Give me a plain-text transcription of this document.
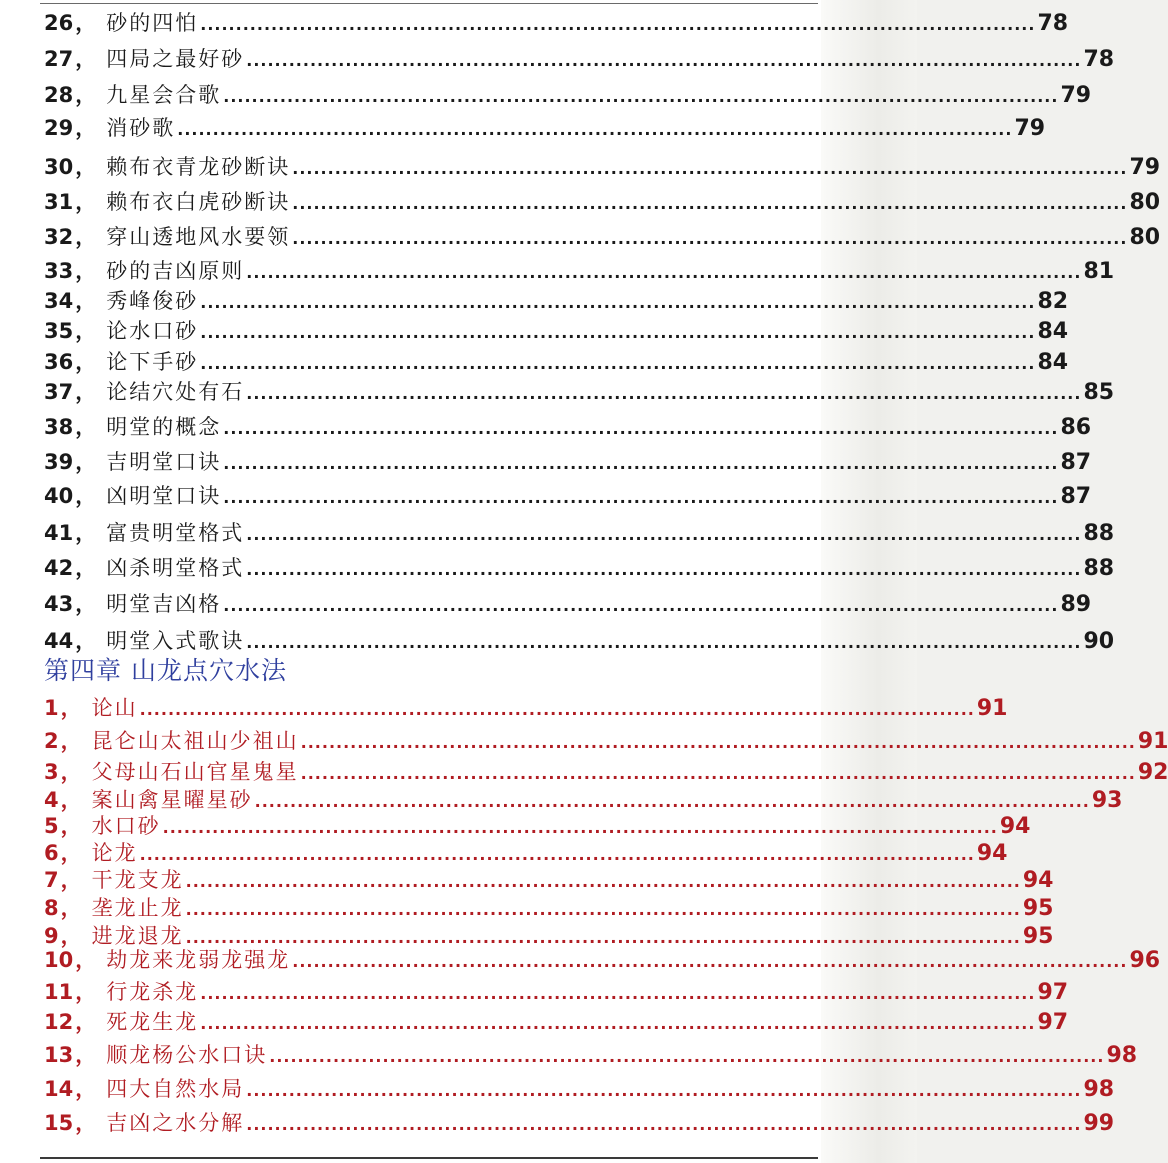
26 ， 砂的四怕 ...................................................................................................................... 78
27 ， 四局之最好砂 ...................................................................................................................... 78
28 ， 九星会合歌 ...................................................................................................................... 79
29 ， 消砂歌 ...................................................................................................................... 79
30 ， 赖布衣青龙砂断诀 ...................................................................................................................... 79
31 ， 赖布衣白虎砂断诀 ...................................................................................................................... 80
32 ， 穿山透地风水要领 ...................................................................................................................... 80
33 ， 砂的吉凶原则 ...................................................................................................................... 81
34 ， 秀峰俊砂 ...................................................................................................................... 82
35 ， 论水口砂 ...................................................................................................................... 84
36 ， 论下手砂 ...................................................................................................................... 84
37 ， 论结穴处有石 ...................................................................................................................... 85
38 ， 明堂的概念 ...................................................................................................................... 86
39 ， 吉明堂口诀 ...................................................................................................................... 87
40 ， 凶明堂口诀 ...................................................................................................................... 87
41 ， 富贵明堂格式 ...................................................................................................................... 88
42 ， 凶杀明堂格式 ...................................................................................................................... 88
43 ， 明堂吉凶格 ...................................................................................................................... 89
44 ， 明堂入式歌诀 ...................................................................................................................... 90
第四章 山龙点穴水法
1 ， 论山 ...................................................................................................................... 91
2 ， 昆仑山太祖山少祖山 ...................................................................................................................... 91
3 ， 父母山石山官星鬼星 ...................................................................................................................... 92
4 ， 案山禽星曜星砂 ...................................................................................................................... 93
5 ， 水口砂 ...................................................................................................................... 94
6 ， 论龙 ...................................................................................................................... 94
7 ， 干龙支龙 ...................................................................................................................... 94
8 ， 垄龙止龙 ...................................................................................................................... 95
9 ， 进龙退龙 ...................................................................................................................... 95
10 ， 劫龙来龙弱龙强龙 ...................................................................................................................... 96
11 ， 行龙杀龙 ...................................................................................................................... 97
12 ， 死龙生龙 ...................................................................................................................... 97
13 ， 顺龙杨公水口诀 ...................................................................................................................... 98
14 ， 四大自然水局 ...................................................................................................................... 98
15 ， 吉凶之水分解 ...................................................................................................................... 99
